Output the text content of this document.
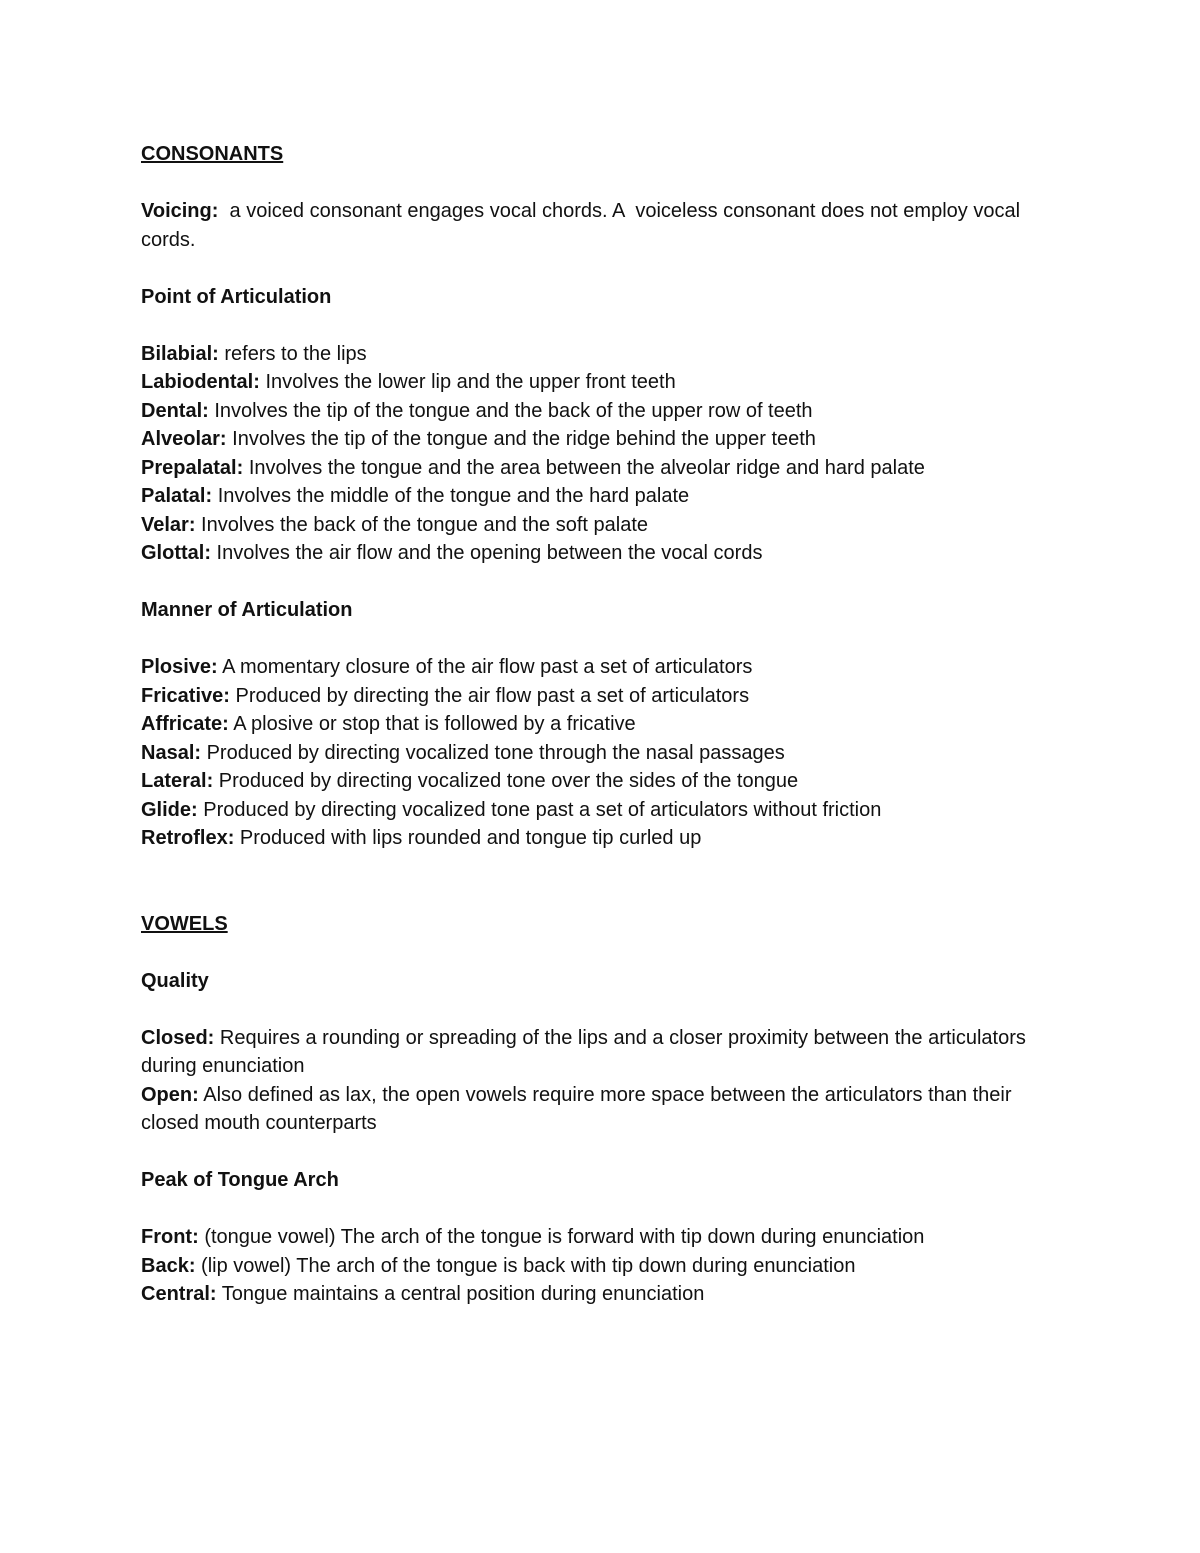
CONSONANTS

Voicing:  a voiced consonant engages vocal chords. A  voiceless consonant does not employ vocal cords.

Point of Articulation
Bilabial: refers to the lips
Labiodental: Involves the lower lip and the upper front teeth
Dental: Involves the tip of the tongue and the back of the upper row of teeth
Alveolar: Involves the tip of the tongue and the ridge behind the upper teeth
Prepalatal: Involves the tongue and the area between the alveolar ridge and hard palate
Palatal: Involves the middle of the tongue and the hard palate
Velar: Involves the back of the tongue and the soft palate
Glottal: Involves the air flow and the opening between the vocal cords
Manner of Articulation
Plosive: A momentary closure of the air flow past a set of articulators
Fricative: Produced by directing the air flow past a set of articulators
Affricate: A plosive or stop that is followed by a fricative
Nasal: Produced by directing vocalized tone through the nasal passages
Lateral: Produced by directing vocalized tone over the sides of the tongue
Glide: Produced by directing vocalized tone past a set of articulators without friction
Retroflex: Produced with lips rounded and tongue tip curled up
VOWELS
Quality

Closed: Requires a rounding or spreading of the lips and a closer proximity between the articulators during enunciation

Open: Also defined as lax, the open vowels require more space between the articulators than their closed mouth counterparts

Peak of Tongue Arch
Front: (tongue vowel) The arch of the tongue is forward with tip down during enunciation
Back: (lip vowel) The arch of the tongue is back with tip down during enunciation
Central: Tongue maintains a central position during enunciation
